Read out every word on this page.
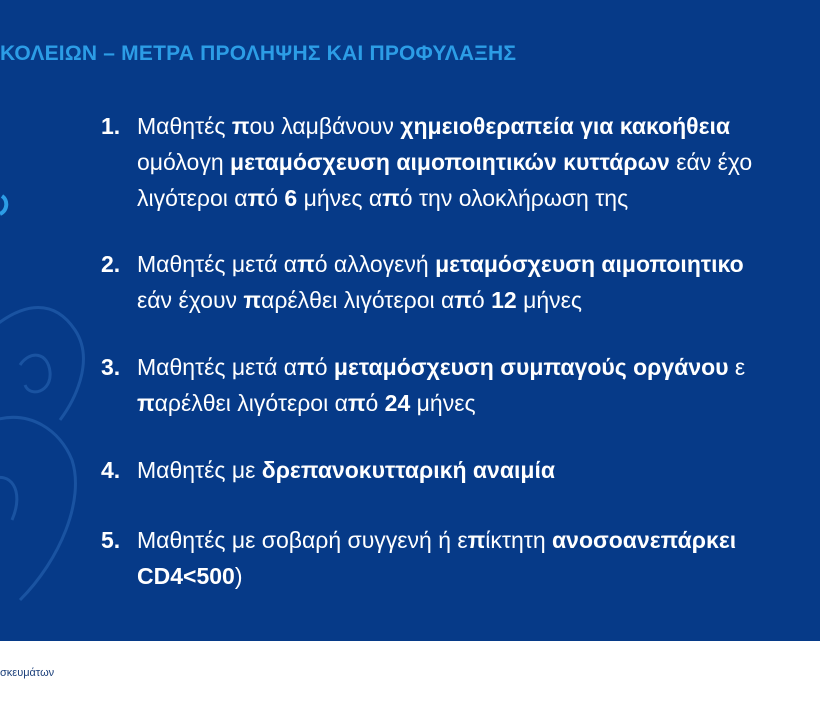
ΚΟΛΕΙΩΝ – ΜΕΤΡΑ ΠΡΟΛΗΨΗΣ ΚΑΙ ΠΡΟΦΥΛΑΞΗΣ
1. Μαθητές που λαμβάνουν χημειοθεραπεία για κακοήθεια
ομόλογη μεταμόσχευση αιμοποιητικών κυττάρων εάν έχο
λιγότεροι από 6 μήνες από την ολοκλήρωση της
2. Μαθητές μετά από αλλογενή μεταμόσχευση αιμοποιητικο
εάν έχουν παρέλθει λιγότεροι από 12 μήνες
3. Μαθητές μετά από μεταμόσχευση συμπαγούς οργάνου ε
παρέλθει λιγότεροι από 24 μήνες
4. Μαθητές με δρεπανοκυτταρική αναιμία
5. Μαθητές με σοβαρή συγγενή ή επίκτητη ανοσοανεπάρκει
CD4<500)
σκευμάτων
